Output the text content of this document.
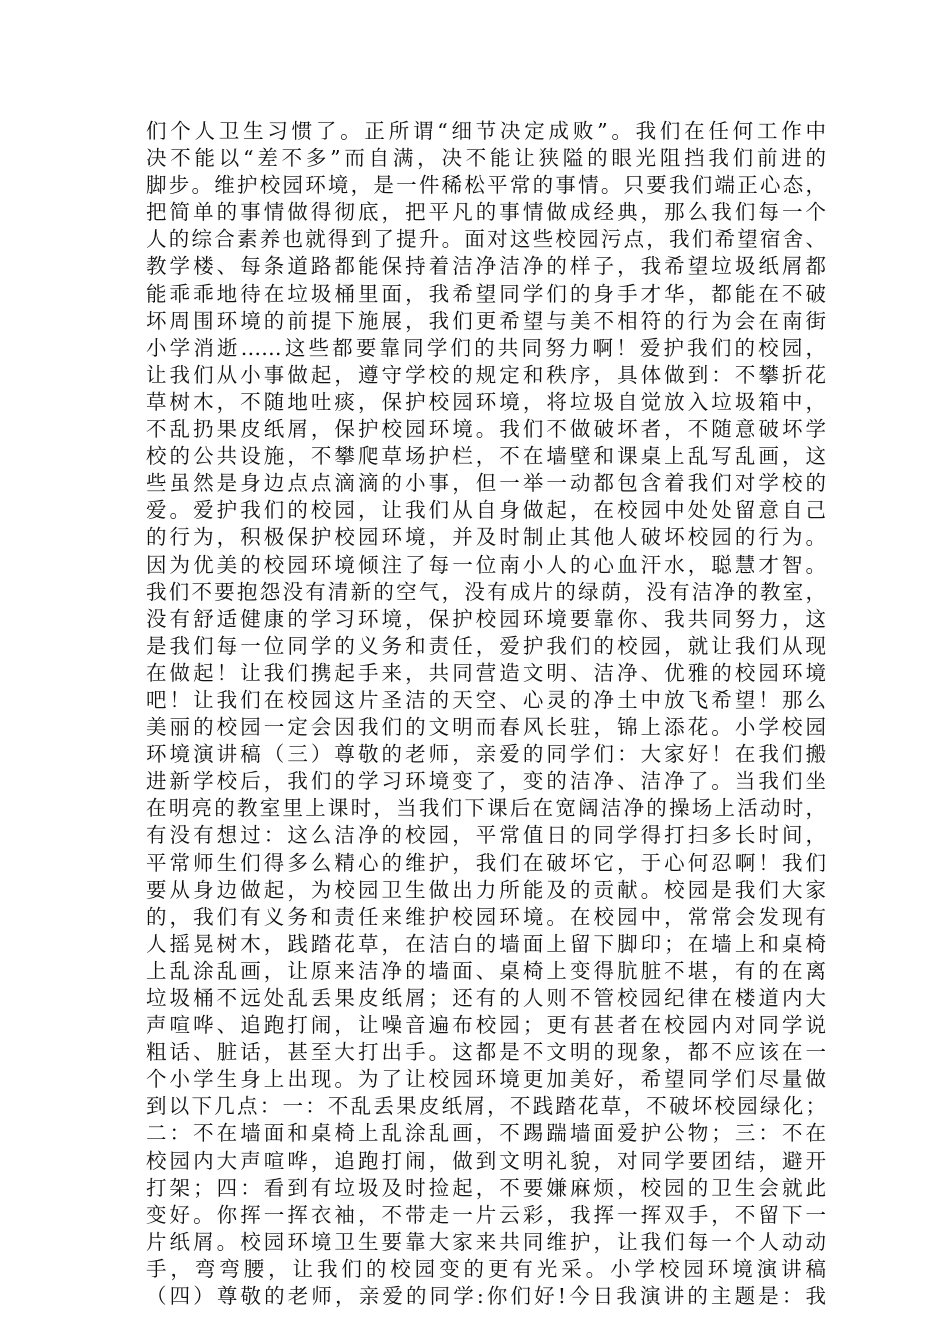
们个人卫生习惯了。正所谓“细节决定成败”。我们在任何工作中
决不能以“差不多”而自满，决不能让狭隘的眼光阻挡我们前进的
脚步。维护校园环境，是一件稀松平常的事情。只要我们端正心态，
把简单的事情做得彻底，把平凡的事情做成经典，那么我们每一个
人的综合素养也就得到了提升。面对这些校园污点，我们希望宿舍、
教学楼、每条道路都能保持着洁净洁净的样子，我希望垃圾纸屑都
能乖乖地待在垃圾桶里面，我希望同学们的身手才华，都能在不破
坏周围环境的前提下施展，我们更希望与美不相符的行为会在南街
小学消逝……这些都要靠同学们的共同努力啊！爱护我们的校园，
让我们从小事做起，遵守学校的规定和秩序，具体做到：不攀折花
草树木，不随地吐痰，保护校园环境，将垃圾自觉放入垃圾箱中，
不乱扔果皮纸屑，保护校园环境。我们不做破坏者，不随意破坏学
校的公共设施，不攀爬草场护栏，不在墙壁和课桌上乱写乱画，这
些虽然是身边点点滴滴的小事，但一举一动都包含着我们对学校的
爱。爱护我们的校园，让我们从自身做起，在校园中处处留意自己
的行为，积极保护校园环境，并及时制止其他人破坏校园的行为。
因为优美的校园环境倾注了每一位南小人的心血汗水，聪慧才智。
我们不要抱怨没有清新的空气，没有成片的绿荫，没有洁净的教室，
没有舒适健康的学习环境，保护校园环境要靠你、我共同努力，这
是我们每一位同学的义务和责任，爱护我们的校园，就让我们从现
在做起！让我们携起手来，共同营造文明、洁净、优雅的校园环境
吧！让我们在校园这片圣洁的天空、心灵的净土中放飞希望！那么
美丽的校园一定会因我们的文明而春风长驻，锦上添花。小学校园
环境演讲稿（三）尊敬的老师，亲爱的同学们：大家好！在我们搬
进新学校后，我们的学习环境变了，变的洁净、洁净了。当我们坐
在明亮的教室里上课时，当我们下课后在宽阔洁净的操场上活动时，
有没有想过：这么洁净的校园，平常值日的同学得打扫多长时间，
平常师生们得多么精心的维护，我们在破坏它，于心何忍啊！我们
要从身边做起，为校园卫生做出力所能及的贡献。校园是我们大家
的，我们有义务和责任来维护校园环境。在校园中，常常会发现有
人摇晃树木，践踏花草，在洁白的墙面上留下脚印；在墙上和桌椅
上乱涂乱画，让原来洁净的墙面、桌椅上变得肮脏不堪，有的在离
垃圾桶不远处乱丢果皮纸屑；还有的人则不管校园纪律在楼道内大
声喧哗、追跑打闹，让噪音遍布校园；更有甚者在校园内对同学说
粗话、脏话，甚至大打出手。这都是不文明的现象，都不应该在一
个小学生身上出现。为了让校园环境更加美好，希望同学们尽量做
到以下几点：一：不乱丢果皮纸屑，不践踏花草，不破坏校园绿化；
二：不在墙面和桌椅上乱涂乱画，不踢踹墙面爱护公物；三：不在
校园内大声喧哗，追跑打闹，做到文明礼貌，对同学要团结，避开
打架；四：看到有垃圾及时捡起，不要嫌麻烦，校园的卫生会就此
变好。你挥一挥衣袖，不带走一片云彩，我挥一挥双手，不留下一
片纸屑。校园环境卫生要靠大家来共同维护，让我们每一个人动动
手，弯弯腰，让我们的校园变的更有光采。小学校园环境演讲稿
（四）尊敬的老师，亲爱的同学:你们好!今日我演讲的主题是：我
